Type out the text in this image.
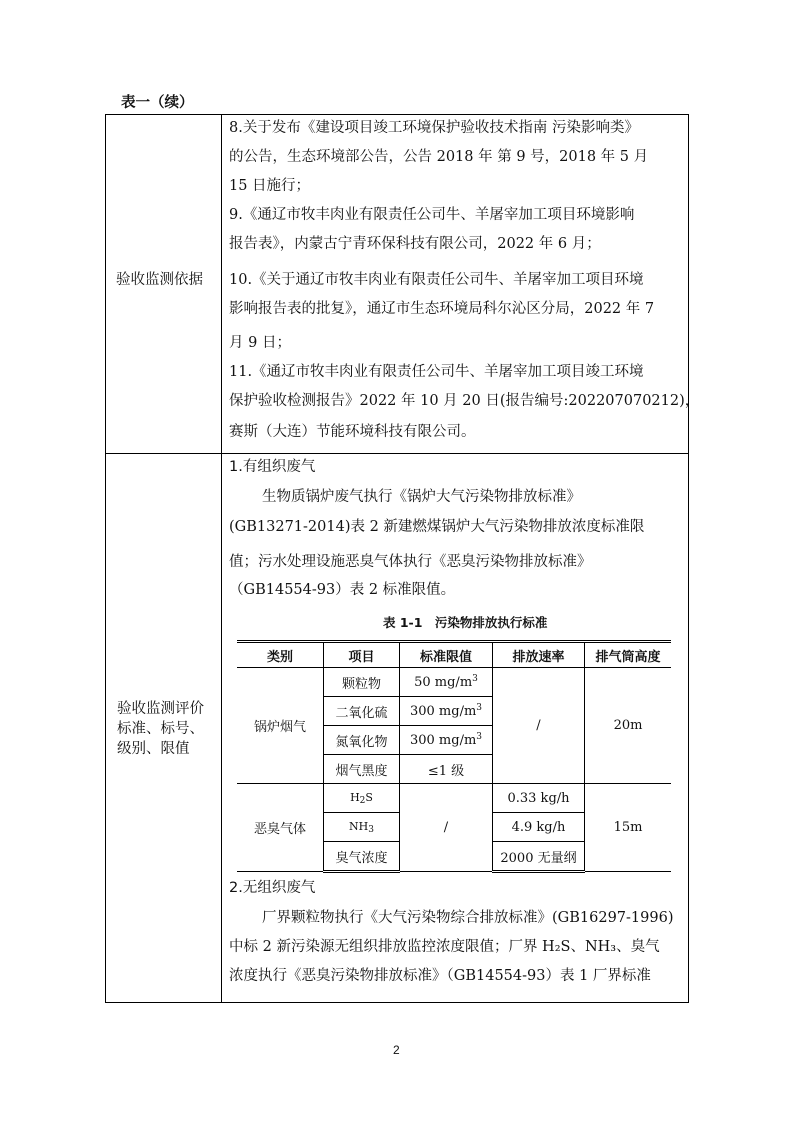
表一（续）
验收监测依据
8.关于发布《建设项目竣工环境保护验收技术指南 污染影响类》
的公告，生态环境部公告，公告 2018 年 第 9 号，2018 年 5 月
15 日施行；
9.《通辽市牧丰肉业有限责任公司牛、羊屠宰加工项目环境影响
报告表》，内蒙古宁青环保科技有限公司，2022 年 6 月；
10.《关于通辽市牧丰肉业有限责任公司牛、羊屠宰加工项目环境
影响报告表的批复》，通辽市生态环境局科尔沁区分局，2022 年 7
月 9 日；
11.《通辽市牧丰肉业有限责任公司牛、羊屠宰加工项目竣工环境
保护验收检测报告》2022 年 10 月 20 日(报告编号:202207070212)，
赛斯（大连）节能环境科技有限公司。
验收监测评价
标准、标号、
级别、限值
1.有组织废气
生物质锅炉废气执行《锅炉大气污染物排放标准》
(GB13271-2014)表 2 新建燃煤锅炉大气污染物排放浓度标准限
值；污水处理设施恶臭气体执行《恶臭污染物排放标准》
（GB14554-93）表 2 标准限值。
表 1-1　污染物排放执行标准
类别	项目	标准限值	排放速率	排气筒高度
锅炉烟气	颗粒物	50 $mg/m^3$	/	20m
	二氧化硫	300 $mg/m^3$
	氮氧化物	300 $mg/m^3$
	烟气黑度	≤1 级		
恶臭气体	$H_2S$	/	0.33 kg/h	15m
	$NH_3$		4.9 kg/h	
	臭气浓度		2000 无量纲	
2.无组织废气
厂界颗粒物执行《大气污染物综合排放标准》(GB16297-1996)
中标 2 新污染源无组织排放监控浓度限值；厂界 H₂S、NH₃、臭气
浓度执行《恶臭污染物排放标准》（GB14554-93）表 1 厂界标准
2
